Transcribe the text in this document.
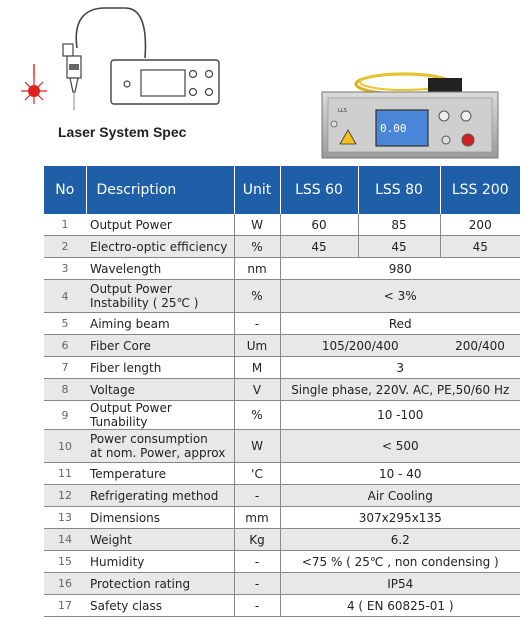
Laser System Spec
LLS
0.00
No	Description	Unit	LSS 60	LSS 80	LSS 200
1	Output Power	W	60	85	200
2	Electro-optic efficiency	%	45	45	45
3	Wavelength	nm	980		
4	Output Power
Instability ( 25℃ )	%	< 3%		
5	Aiming beam	-	Red		
6	Fiber Core	Um	105/200/400		200/400
7	Fiber length	M	3		
8	Voltage	V	Single phase, 220V. AC, PE,50/60 Hz		
9	Output Power Tunability	%	10 -100		
10	Power consumption
at nom. Power, approx	W	< 500		
11	Temperature	'C	10 - 40		
12	Refrigerating method	-	Air Cooling		
13	Dimensions	mm	307x295x135		
14	Weight	Kg	6.2		
15	Humidity	-	<75 % ( 25℃ , non condensing )		
16	Protection rating	-	IP54		
17	Safety class	-	4 ( EN 60825-01 )		
